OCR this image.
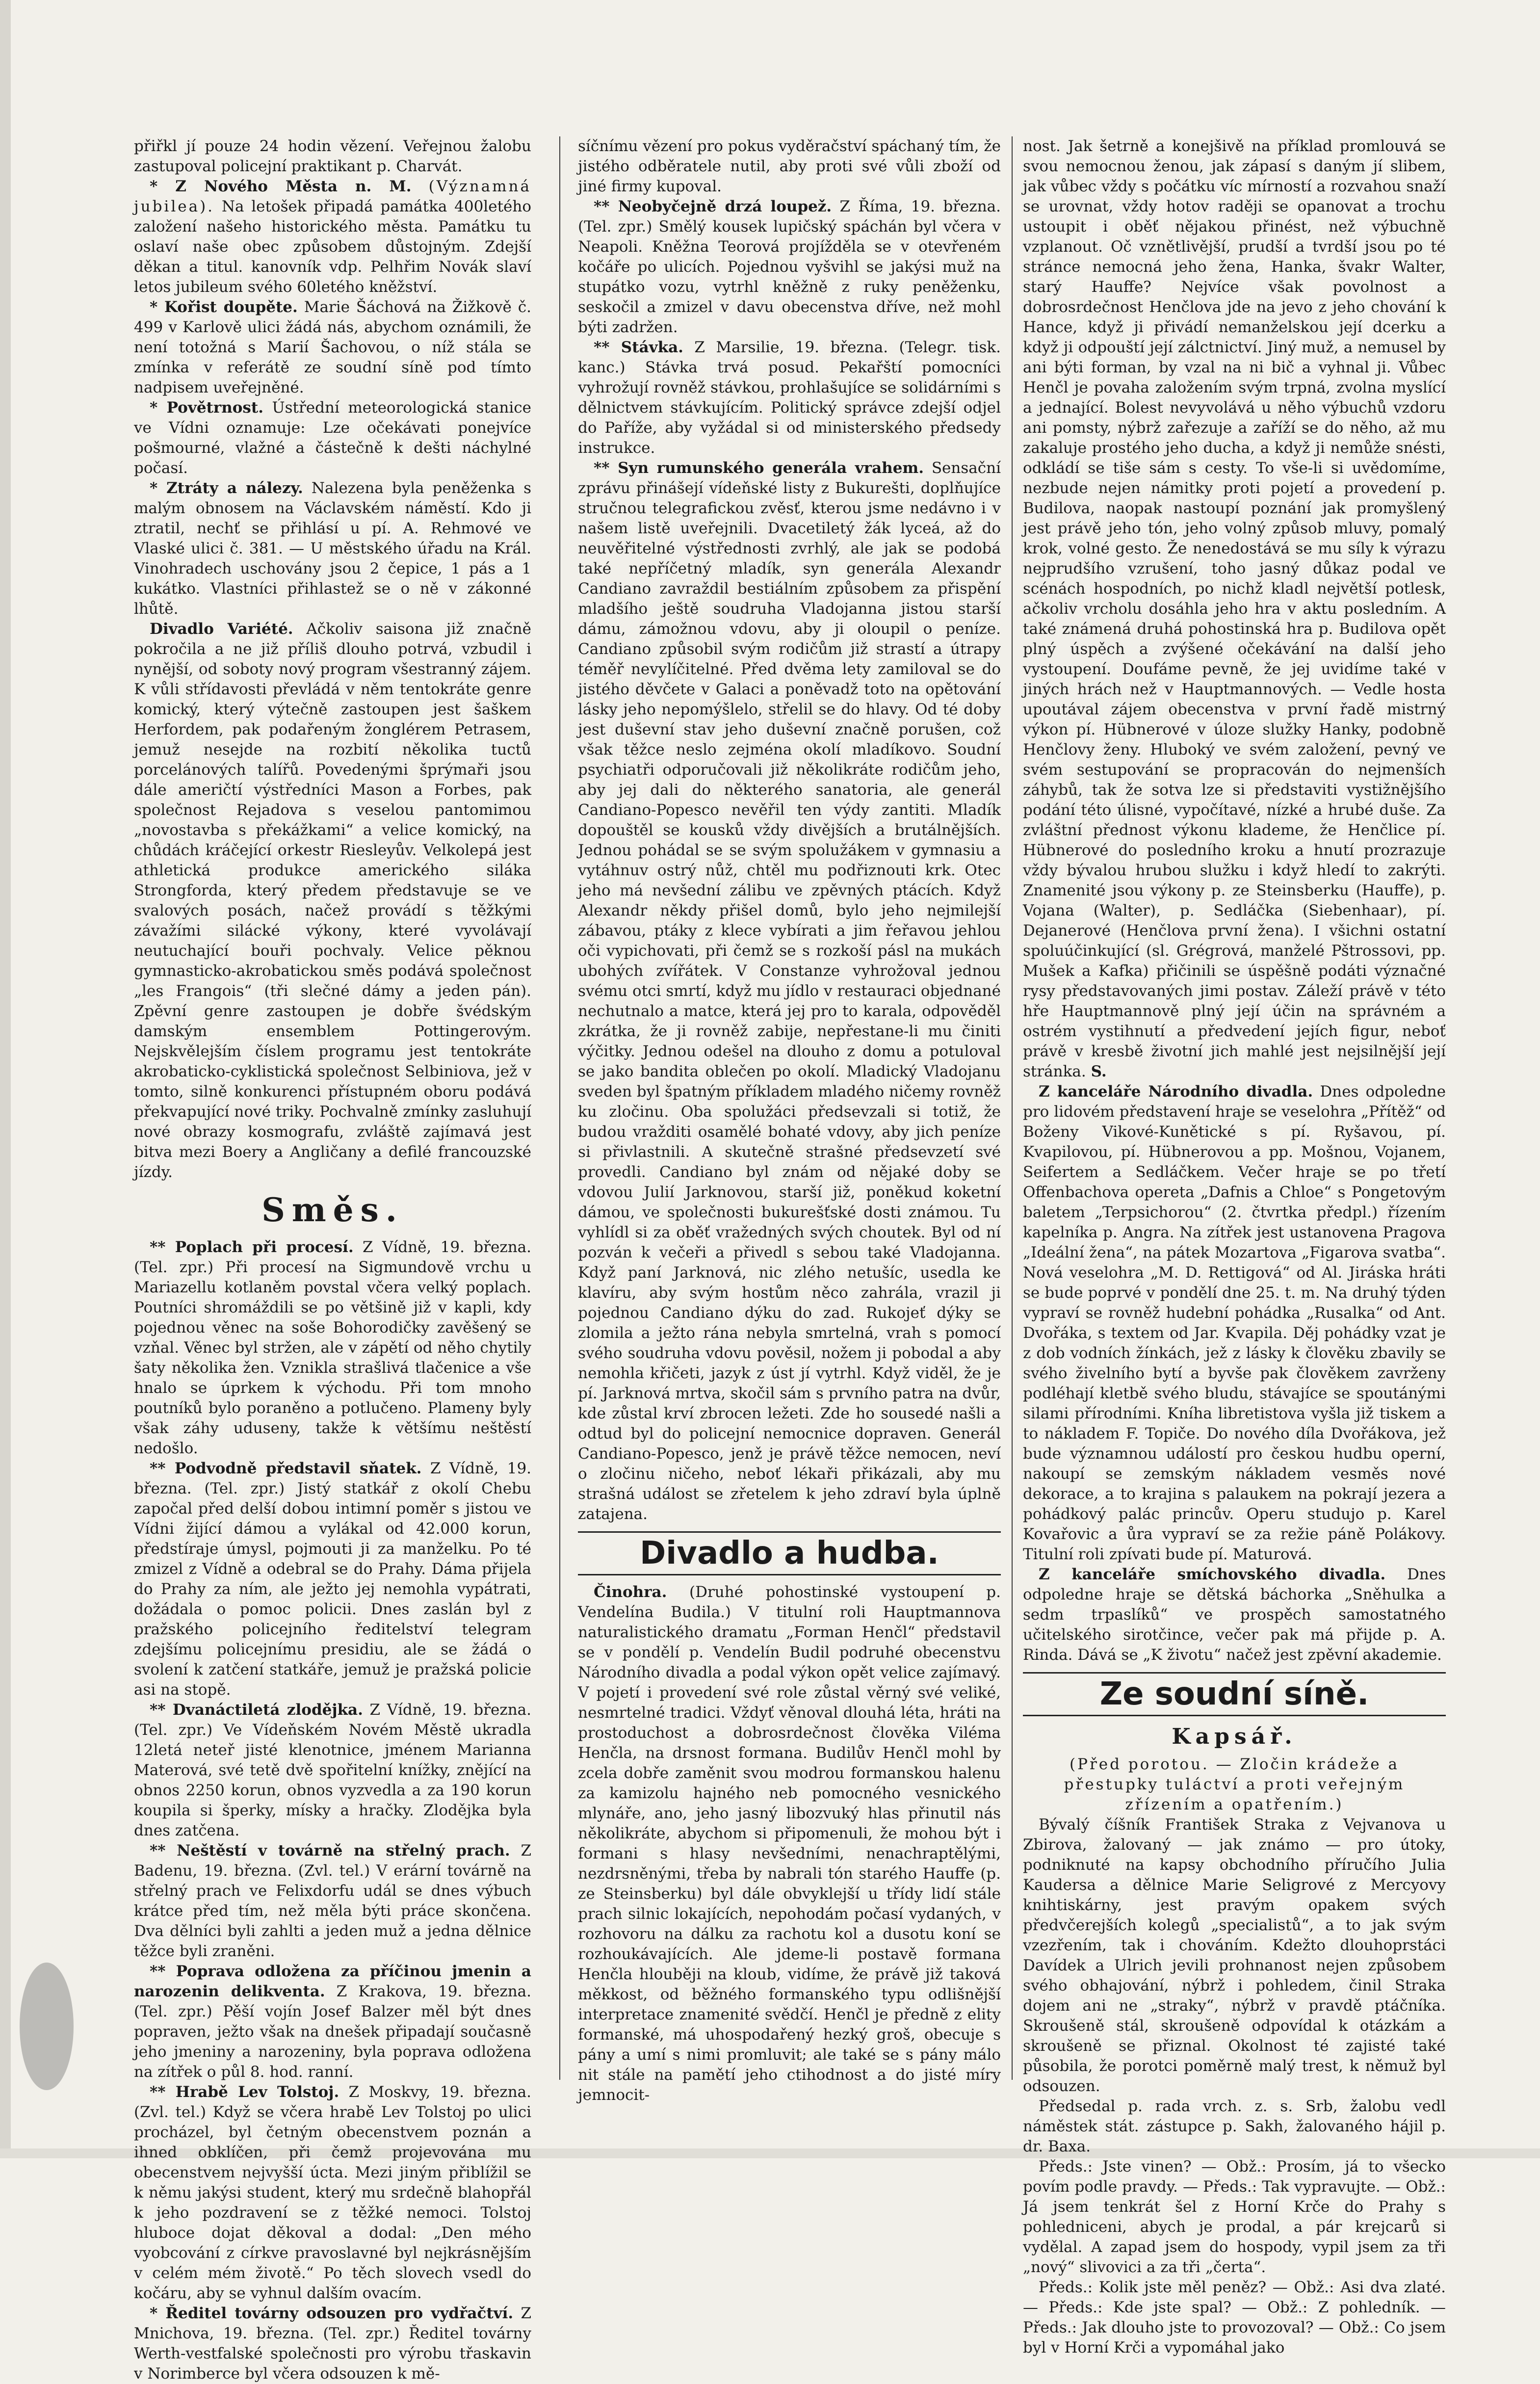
přiřkl jí pouze 24 hodin vězení. Veřejnou žalobu zastupoval policejní praktikant p. Charvát.

* Z Nového Města n. M. (Významná jubilea). Na letošek připadá památka 400letého založení našeho historického města. Památku tu oslaví naše obec způsobem důstojným. Zdejší děkan a titul. kanovník vdp. Pelhřim Novák slaví letos jubileum svého 60letého kněžství.

* Kořist doupěte. Marie Šáchová na Žižkově č. 499 v Karlově ulici žádá nás, abychom oznámili, že není totožná s Marií Šachovou, o níž stála se zmínka v referátě ze soudní síně pod tímto nadpisem uveřejněné.

* Povětrnost. Ústřední meteorologická stanice ve Vídni oznamuje: Lze očekávati ponejvíce pošmourné, vlažné a částečně k dešti náchylné počasí.

* Ztráty a nálezy. Nalezena byla peněženka s malým obnosem na Václavském náměstí. Kdo ji ztratil, nechť se přihlásí u pí. A. Rehmové ve Vlaské ulici č. 381. — U městského úřadu na Král. Vinohradech uschovány jsou 2 čepice, 1 pás a 1 kukátko. Vlastníci přihlastež se o ně v zákonné lhůtě.

Divadlo Variété. Ačkoliv saisona již značně pokročila a ne již příliš dlouho potrvá, vzbudil i nynější, od soboty nový program všestranný zájem. K vůli střídavosti převládá v něm tentokráte genre komický, který výtečně zastoupen jest šaškem Herfordem, pak podařeným žonglérem Petrasem, jemuž nesejde na rozbití několika tuctů porcelánových talířů. Povedenými šprýmaři jsou dále američtí výstředníci Mason a Forbes, pak společnost Rejadova s veselou pantomimou „novostavba s překážkami“ a velice komický, na chůdách kráčející orkestr Riesleyův. Velkolepá jest athletická produkce amerického siláka Strongforda, který předem představuje se ve svalových posách, načež provádí s těžkými závažími silácké výkony, které vyvolávají neutuchající bouři pochvaly. Velice pěknou gymnasticko-akrobatickou směs podává společnost „les Frangois“ (tři slečné dámy a jeden pán). Zpěvní genre zastoupen je dobře švédským damským ensemblem Pottingerovým. Nejskvělejším číslem programu jest tentokráte akrobaticko-cyklistická společnost Selbiniova, jež v tomto, silně konkurenci přístupném oboru podává překvapující nové triky. Pochvalně zmínky zasluhují nové obrazy kosmografu, zvláště zajímavá jest bitva mezi Boery a Angličany a defilé francouzské jízdy.

Směs.

** Poplach při procesí. Z Vídně, 19. března. (Tel. zpr.) Při procesí na Sigmundově vrchu u Mariazellu kotlaněm povstal včera velký poplach. Poutníci shromáždili se po většině již v kapli, kdy pojednou věnec na soše Bohorodičky zavěšený se vzňal. Věnec byl stržen, ale v zápětí od něho chytily šaty několika žen. Vznikla strašlivá tlačenice a vše hnalo se úprkem k východu. Při tom mnoho poutníků bylo poraněno a potlučeno. Plameny byly však záhy uduseny, takže k většímu neštěstí nedošlo.

** Podvodně představil sňatek. Z Vídně, 19. března. (Tel. zpr.) Jistý statkář z okolí Chebu započal před delší dobou intimní poměr s jistou ve Vídni žijící dámou a vylákal od 42.000 korun, předstíraje úmysl, pojmouti ji za manželku. Po té zmizel z Vídně a odebral se do Prahy. Dáma přijela do Prahy za ním, ale ježto jej nemohla vypátrati, dožádala o pomoc policii. Dnes zaslán byl z pražského policejního ředitelství telegram zdejšímu policejnímu presidiu, ale se žádá o svolení k zatčení statkáře, jemuž je pražská policie asi na stopě.

** Dvanáctiletá zlodějka. Z Vídně, 19. března. (Tel. zpr.) Ve Vídeňském Novém Městě ukradla 12letá neteř jisté klenotnice, jménem Marianna Materová, své tetě dvě spořitelní knížky, znějící na obnos 2250 korun, obnos vyzvedla a za 190 korun koupila si šperky, mísky a hračky. Zlodějka byla dnes zatčena.

** Neštěstí v továrně na střelný prach. Z Badenu, 19. března. (Zvl. tel.) V erární továrně na střelný prach ve Felixdorfu udál se dnes výbuch krátce před tím, než měla býti práce skončena. Dva dělníci byli zahlti a jeden muž a jedna dělnice těžce byli zraněni.

** Poprava odložena za příčinou jmenin a narozenin delikventa. Z Krakova, 19. března. (Tel. zpr.) Pěší vojín Josef Balzer měl být dnes popraven, ježto však na dnešek připadají současně jeho jmeniny a narozeniny, byla poprava odložena na zítřek o půl 8. hod. ranní.

** Hrabě Lev Tolstoj. Z Moskvy, 19. března. (Zvl. tel.) Když se včera hrabě Lev Tolstoj po ulici procházel, byl četným obecenstvem poznán a ihned obklíčen, při čemž projevována mu obecenstvem nejvyšší úcta. Mezi jiným přiblížil se k němu jakýsi student, který mu srdečně blahopřál k jeho pozdravení se z těžké nemoci. Tolstoj hluboce dojat děkoval a dodal: „Den mého vyobcování z církve pravoslavné byl nejkrásnějším v celém mém životě.“ Po těch slovech vsedl do kočáru, aby se vyhnul dalším ovacím.

* Ředitel továrny odsouzen pro vydřačtví. Z Mnichova, 19. března. (Tel. zpr.) Ředitel továrny Werth-vestfalské společnosti pro výrobu třaskavin v Norimberce byl včera odsouzen k mě-

síčnímu vězení pro pokus vyděračství spáchaný tím, že jistého odběratele nutil, aby proti své vůli zboží od jiné firmy kupoval.

** Neobyčejně drzá loupež. Z Říma, 19. března. (Tel. zpr.) Smělý kousek lupičský spáchán byl včera v Neapoli. Kněžna Teorová projížděla se v otevřeném kočáře po ulicích. Pojednou vyšvihl se jakýsi muž na stupátko vozu, vytrhl kněžně z ruky peněženku, seskočil a zmizel v davu obecenstva dříve, než mohl býti zadržen.

** Stávka. Z Marsilie, 19. března. (Telegr. tisk. kanc.) Stávka trvá posud. Pekařští pomocníci vyhrožují rovněž stávkou, prohlašujíce se solidárními s dělnictvem stávkujícím. Politický správce zdejší odjel do Paříže, aby vyžádal si od ministerského předsedy instrukce.

** Syn rumunského generála vrahem. Sensační zprávu přinášejí vídeňské listy z Bukurešti, doplňujíce stručnou telegrafickou zvěsť, kterou jsme nedávno i v našem listě uveřejnili. Dvacetiletý žák lyceá, až do neuvěřitelné výstřednosti zvrhlý, ale jak se podobá také nepříčetný mladík, syn generála Alexandr Candiano zavraždil bestiálním způsobem za přispění mladšího ještě soudruha Vladojanna jistou starší dámu, zámožnou vdovu, aby ji oloupil o peníze. Candiano způsobil svým rodičům již strastí a útrapy téměř nevylíčitelné. Před dvěma lety zamiloval se do jistého děvčete v Galaci a poněvadž toto na opětování lásky jeho nepomýšlelo, střelil se do hlavy. Od té doby jest duševní stav jeho duševní značně porušen, což však těžce neslo zejména okolí mladíkovo. Soudní psychiatři odporučovali již několikráte rodičům jeho, aby jej dali do některého sanatoria, ale generál Candiano-Popesco nevěřil ten výdy zantiti. Mladík dopouštěl se kousků vždy divějších a brutálnějších. Jednou pohádal se se svým spolužákem v gymnasiu a vytáhnuv ostrý nůž, chtěl mu podřiznouti krk. Otec jeho má nevšední zálibu ve zpěvných ptácích. Když Alexandr někdy přišel domů, bylo jeho nejmilejší zábavou, ptáky z klece vybírati a jim řeřavou jehlou oči vypichovati, při čemž se s rozkoší pásl na mukách ubohých zvířátek. V Constanze vyhrožoval jednou svému otci smrtí, když mu jídlo v restauraci objednané nechutnalo a matce, která jej pro to karala, odpověděl zkrátka, že ji rovněž zabije, nepřestane-li mu činiti výčitky. Jednou odešel na dlouho z domu a potuloval se jako bandita oblečen po okolí. Mladický Vladojanu sveden byl špatným příkladem mladého ničemy rovněž ku zločinu. Oba spolužáci předsevzali si totiž, že budou vražditi osamělé bohaté vdovy, aby jich peníze si přivlastnili. A skutečně strašné předsevzetí své provedli. Candiano byl znám od nějaké doby se vdovou Julií Jarknovou, starší již, poněkud koketní dámou, ve společnosti bukurešťské dosti známou. Tu vyhlídl si za oběť vražedných svých choutek. Byl od ní pozván k večeři a přivedl s sebou také Vladojanna. Když paní Jarknová, nic zlého netušíc, usedla ke klavíru, aby svým hostům něco zahrála, vrazil ji pojednou Candiano dýku do zad. Rukojeť dýky se zlomila a ježto rána nebyla smrtelná, vrah s pomocí svého soudruha vdovu pověsil, nožem ji pobodal a aby nemohla křičeti, jazyk z úst jí vytrhl. Když viděl, že je pí. Jarknová mrtva, skočil sám s prvního patra na dvůr, kde zůstal krví zbrocen ležeti. Zde ho sousedé našli a odtud byl do policejní nemocnice dopraven. Generál Candiano-Popesco, jenž je právě těžce nemocen, neví o zločinu ničeho, neboť lékaři přikázali, aby mu strašná událost se zřetelem k jeho zdraví byla úplně zatajena.

Divadlo a hudba.

Činohra. (Druhé pohostinské vystoupení p. Vendelína Budila.) V titulní roli Hauptmannova naturalistického dramatu „Forman Henčl“ představil se v pondělí p. Vendelín Budil podruhé obecenstvu Národního divadla a podal výkon opět velice zajímavý. V pojetí i provedení své role zůstal věrný své veliké, nesmrtelné tradici. Vždyť věnoval dlouhá léta, hráti na prostoduchost a dobrosrdečnost člověka Viléma Henčla, na drsnost formana. Budilův Henčl mohl by zcela dobře zaměnit svou modrou formanskou halenu za kamizolu hajného neb pomocného vesnického mlynáře, ano, jeho jasný libozvuký hlas přinutil nás několikráte, abychom si připomenuli, že mohou být i formani s hlasy nevšedními, nenachraptělými, nezdrsněnými, třeba by nabrali tón starého Hauffe (p. ze Steinsberku) byl dále obvyklejší u třídy lidí stále prach silnic lokajících, nepohodám počasí vydaných, v rozhovoru na dálku za rachotu kol a dusotu koní se rozhoukávajících. Ale jdeme-li postavě formana Henčla hlouběji na kloub, vidíme, že právě již taková měkkost, od běžného formanského typu odlišnější interpretace znamenité svědčí. Henčl je předně z elity formanské, má uhospodařený hezký groš, obecuje s pány a umí s nimi promluvit; ale také se s pány málo nit stále na pamětí jeho ctihodnost a do jisté míry jemnocit-

nost. Jak šetrně a konejšivě na příklad promlouvá se svou nemocnou ženou, jak zápasí s daným jí slibem, jak vůbec vždy s počátku víc mírností a rozvahou snaží se urovnat, vždy hotov raději se opanovat a trochu ustoupit i oběť nějakou přinést, než výbuchně vzplanout. Oč vznětlivější, prudší a tvrdší jsou po té stránce nemocná jeho žena, Hanka, švakr Walter, starý Hauffe? Nejvíce však povolnost a dobrosrdečnost Henčlova jde na jevo z jeho chování k Hance, když ji přivádí nemanželskou její dcerku a když ji odpouští její zálctnictví. Jiný muž, a nemusel by ani býti forman, by vzal na ni bič a vyhnal ji. Vůbec Henčl je povaha založením svým trpná, zvolna myslící a jednající. Bolest nevyvolává u něho výbuchů vzdoru ani pomsty, nýbrž zařezuje a zaříží se do něho, až mu zakaluje prostého jeho ducha, a když ji nemůže snésti, odkládí se tiše sám s cesty. To vše-li si uvědomíme, nezbude nejen námitky proti pojetí a provedení p. Budilova, naopak nastoupí poznání jak promyšlený jest právě jeho tón, jeho volný způsob mluvy, pomalý krok, volné gesto. Že nenedostává se mu síly k výrazu nejprudšího vzrušení, toho jasný důkaz podal ve scénách hospodních, po nichž kladl největší potlesk, ačkoliv vrcholu dosáhla jeho hra v aktu posledním. A také známená druhá pohostinská hra p. Budilova opět plný úspěch a zvýšené očekávání na další jeho vystoupení. Doufáme pevně, že jej uvidíme také v jiných hrách než v Hauptmannových. — Vedle hosta upoutával zájem obecenstva v první řadě mistrný výkon pí. Hübnerové v úloze služky Hanky, podobně Henčlovy ženy. Hluboký ve svém založení, pevný ve svém sestupování se propracován do nejmenších záhybů, tak že sotva lze si představiti vystižnějšího podání této úlisné, vypočítavé, nízké a hrubé duše. Za zvláštní přednost výkonu klademe, že Henčlice pí. Hübnerové do posledního kroku a hnutí prozrazuje vždy bývalou hrubou služku i když hledí to zakrýti. Znamenité jsou výkony p. ze Steinsberku (Hauffe), p. Vojana (Walter), p. Sedláčka (Siebenhaar), pí. Dejanerové (Henčlova první žena). I všichni ostatní spoluúčinkující (sl. Grégrová, manželé Pštrossovi, pp. Mušek a Kafka) přičinili se úspěšně podáti význačné rysy představovaných jimi postav. Záleží právě v této hře Hauptmannově plný její účin na správném a ostrém vystihnutí a předvedení jejích figur, neboť právě v kresbě životní jich mahlé jest nejsilnější její stránka. S.

Z kanceláře Národního divadla. Dnes odpoledne pro lidovém představení hraje se veselohra „Přítěž“ od Boženy Vikové-Kunětické s pí. Ryšavou, pí. Kvapilovou, pí. Hübnerovou a pp. Mošnou, Vojanem, Seifertem a Sedláčkem. Večer hraje se po třetí Offenbachova opereta „Dafnis a Chloe“ s Pongetovým baletem „Terpsichorou“ (2. čtvrtka předpl.) řízením kapelníka p. Angra. Na zítřek jest ustanovena Pragova „Ideální žena“, na pátek Mozartova „Figarova svatba“. Nová veselohra „M. D. Rettigová“ od Al. Jiráska hráti se bude poprvé v pondělí dne 25. t. m. Na druhý týden vypraví se rovněž hudební pohádka „Rusalka“ od Ant. Dvořáka, s textem od Jar. Kvapila. Děj pohádky vzat je z dob vodních žínkách, jež z lásky k člověku zbavily se svého živelního bytí a byvše pak člověkem zavrženy podléhají kletbě svého bludu, stávajíce se spoutánými silami přírodními. Kníha libretistova vyšla již tiskem a to nákladem F. Topiče. Do nového díla Dvořákova, jež bude významnou událostí pro českou hudbu operní, nakoupí se zemským nákladem vesměs nové dekorace, a to krajina s palaukem na pokrají jezera a pohádkový palác princův. Operu studujo p. Karel Kovařovic a ůra vypraví se za režie páně Polákovy. Titulní roli zpívati bude pí. Maturová.

Z kanceláře smíchovského divadla. Dnes odpoledne hraje se dětská báchorka „Sněhulka a sedm trpaslíků“ ve prospěch samostatného učitelského sirotčince, večer pak má přijde p. A. Rinda. Dává se „K životu“ načež jest zpěvní akademie.

Ze soudní síně.
Kapsář.

(Před porotou. — Zločin krádeže a přestupky tuláctví a proti veřejným zřízením a opatřením.)

Bývalý číšník František Straka z Vejvanova u Zbirova, žalovaný — jak známo — pro útoky, podniknuté na kapsy obchodního příručího Julia Kaudersa a dělnice Marie Seligrové z Mercyovy knihtiskárny, jest pravým opakem svých předvčerejších kolegů „specialistů“, a to jak svým vzezřením, tak i chováním. Kdežto dlouhoprstáci Davídek a Ulrich jevili prohnanost nejen způsobem svého obhajování, nýbrž i pohledem, činil Straka dojem ani ne „straky“, nýbrž v pravdě ptáčníka. Skroušeně stál, skroušeně odpovídal k otázkám a skroušeně se přiznal. Okolnost té zajisté také působila, že porotci poměrně malý trest, k němuž byl odsouzen.

Předsedal p. rada vrch. z. s. Srb, žalobu vedl náměstek stát. zástupce p. Sakh, žalovaného hájil p. dr. Baxa.

Předs.: Jste vinen? — Obž.: Prosím, já to všecko povím podle pravdy. — Předs.: Tak vypravujte. — Obž.: Já jsem tenkrát šel z Horní Krče do Prahy s pohledniceni, abych je prodal, a pár krejcarů si vydělal. A zapad jsem do hospody, vypil jsem za tři „nový“ slivovici a za tři „čerta“.

Předs.: Kolik jste měl peněz? — Obž.: Asi dva zlaté. — Předs.: Kde jste spal? — Obž.: Z pohledník. — Předs.: Jak dlouho jste to provozoval? — Obž.: Co jsem byl v Horní Krči a vypomáhal jako
